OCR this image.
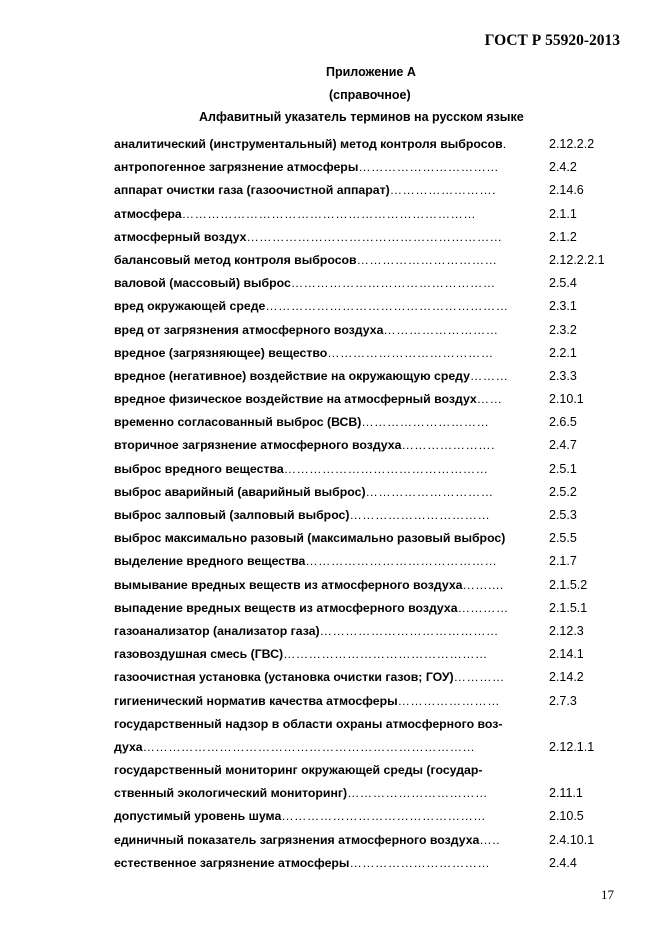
ГОСТ Р 55920-2013
Приложение А
(справочное)
Алфавитный указатель терминов на русском языке
аналитический (инструментальный) метод контроля выбросов.	2.12.2.2
антропогенное загрязнение атмосферы……………………………	2.4.2
аппарат очистки газа (газоочистной аппарат)…………………….	2.14.6
атмосфера……………………………………………………………	2.1.1
атмосферный воздух……………………………………………………	2.1.2
балансовый метод контроля выбросов……………………………	2.12.2.2.1
валовой (массовый) выброс…………………………………………	2.5.4
вред окружающей среде…………………………………………………	2.3.1
вред от загрязнения атмосферного воздуха………………………	2.3.2
вредное (загрязняющее) вещество…………………………………	2.2.1
вредное (негативное) воздействие на окружающую среду………	2.3.3
вредное физическое воздействие на атмосферный воздух……	2.10.1
временно согласованный выброс (ВСВ)…………………………	2.6.5
вторичное загрязнение атмосферного воздуха………………….	2.4.7
выброс вредного вещества…………………………………………	2.5.1
выброс аварийный (аварийный выброс)…………………………	2.5.2
выброс залповый (залповый выброс)……………………………	2.5.3
выброс максимально разовый (максимально разовый выброс)	2.5.5
выделение вредного вещества………………………………………	2.1.7
вымывание вредных веществ из атмосферного воздуха……....	2.1.5.2
выпадение вредных веществ из атмосферного воздуха…………	2.1.5.1
газоанализатор (анализатор газа)……………………………………	2.12.3
газовоздушная смесь (ГВС)…………………………………………	2.14.1
газоочистная установка (установка очистки газов; ГОУ)…………	2.14.2
гигиенический норматив качества атмосферы……………………	2.7.3
государственный надзор в области охраны атмосферного воз-
духа……………………………………………………………………	2.12.1.1
государственный мониторинг окружающей среды (государ-
ственный экологический мониторинг)……………………………	2.11.1
допустимый уровень шума…………………………………………	2.10.5
единичный показатель загрязнения атмосферного воздуха…..	2.4.10.1
естественное загрязнение атмосферы……………………………	2.4.4
17
